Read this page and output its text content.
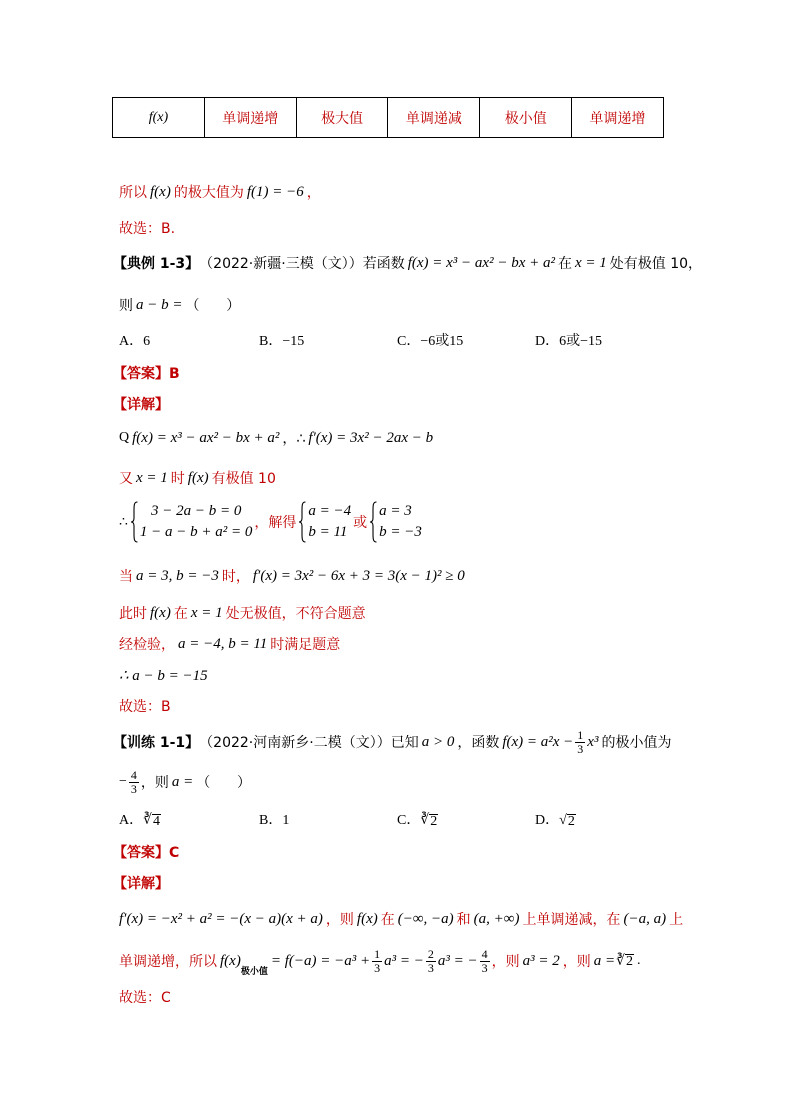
f(x)	单调递增	极大值	单调递减	极小值	单调递增
所以 f(x) 的极大值为 f(1) = −6 ，
故选：B.
【典例 1-3】 （2022·新疆·三模（文））若函数 f(x) = x³ − ax² − bx + a² 在 x = 1 处有极值 10，
则 a − b = （      ）
A．6	B．−15	C．−6或15	D．6或−15
【答案】B
【详解】
Q f(x) = x³ − ax² − bx + a² ，∴ f′(x) = 3x² − 2ax − b
又 x = 1 时 f(x) 有极值 10
∴
3 − 2a − b = 0
1 − a − b + a² = 0
，解得
a = −4
b = 11
或
a = 3
b = −3
当 a = 3, b = −3 时， f′(x) = 3x² − 6x + 3 = 3(x − 1)² ≥ 0
此时 f(x) 在 x = 1 处无极值，不符合题意
经检验， a = −4, b = 11 时满足题意
∴ a − b = −15
故选：B
【训练 1-1】 （2022·河南新乡·二模（文））已知 a > 0 ，函数 $f(x) = a^2x - \frac{1}{3} x^3$ 的极小值为
− $\frac{4}{3}$ ，则 a = （      ）
A． ∛ 4	B． 1	C． ∛ 2	D． √ 2
【答案】C
【详解】
f′(x) = −x² + a² = −(x − a)(x + a) ，则 f(x) 在 (−∞, −a) 和 (a, +∞) 上单调递减，在 (−a, a) 上
单调递增，所以 f(x)
极小值
= $f(-a) = -a^3 + \frac{1}{3} a^3$ = − $\frac{2}{3} a^3$ = − $\frac{4}{3}$ ，则 a³ = 2 ，则 a = ∛ 2 .
故选：C
